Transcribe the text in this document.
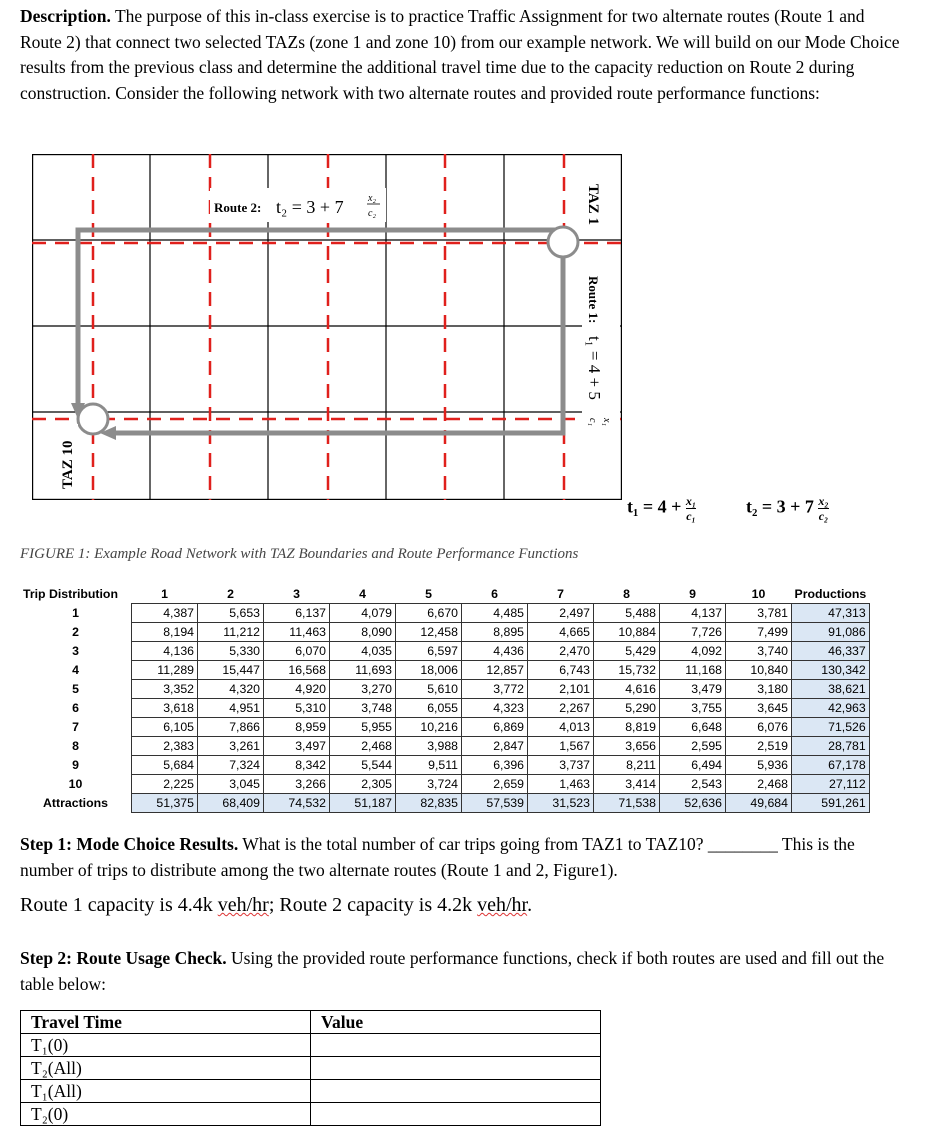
Description. The purpose of this in-class exercise is to practice Traffic Assignment for two alternate routes (Route 1 and Route 2) that connect two selected TAZs (zone 1 and zone 10) from our example network. We will build on our Mode Choice results from the previous class and determine the additional travel time due to the capacity reduction on Route 2 during construction. Consider the following network with two alternate routes and provided route performance functions:
Route 2: t₂ = 3 + 7 x₂
c₂	TAZ 1
Route 1:
t₁ = 4 + 5
x₁
c₁
TAZ 10
$t_1 = 4 + \frac{\text{x₁}}{\text{c₁}}$	$t_2 = 3 + 7 \frac{\text{x₂}}{\text{c₂}}$
FIGURE 1: Example Road Network with TAZ Boundaries and Route Performance Functions
Trip Distribution	1	2	3	4	5	6	7	8	9	10	Productions
1	4,387	5,653	6,137	4,079	6,670	4,485	2,497	5,488	4,137	3,781	47,313
2	8,194	11,212	11,463	8,090	12,458	8,895	4,665	10,884	7,726	7,499	91,086
3	4,136	5,330	6,070	4,035	6,597	4,436	2,470	5,429	4,092	3,740	46,337
4	11,289	15,447	16,568	11,693	18,006	12,857	6,743	15,732	11,168	10,840	130,342
5	3,352	4,320	4,920	3,270	5,610	3,772	2,101	4,616	3,479	3,180	38,621
6	3,618	4,951	5,310	3,748	6,055	4,323	2,267	5,290	3,755	3,645	42,963
7	6,105	7,866	8,959	5,955	10,216	6,869	4,013	8,819	6,648	6,076	71,526
8	2,383	3,261	3,497	2,468	3,988	2,847	1,567	3,656	2,595	2,519	28,781
9	5,684	7,324	8,342	5,544	9,511	6,396	3,737	8,211	6,494	5,936	67,178
10	2,225	3,045	3,266	2,305	3,724	2,659	1,463	3,414	2,543	2,468	27,112
Attractions	51,375	68,409	74,532	51,187	82,835	57,539	31,523	71,538	52,636	49,684	591,261
Step 1: Mode Choice Results. What is the total number of car trips going from TAZ1 to TAZ10? ________ This is the number of trips to distribute among the two alternate routes (Route 1 and 2, Figure1).
Route 1 capacity is 4.4k veh/hr; Route 2 capacity is 4.2k veh/hr.
Step 2: Route Usage Check. Using the provided route performance functions, check if both routes are used and fill out the table below:
Travel Time	Value
T₁(0)	
T₂(All)	
T₁(All)	
T₂(0)	
